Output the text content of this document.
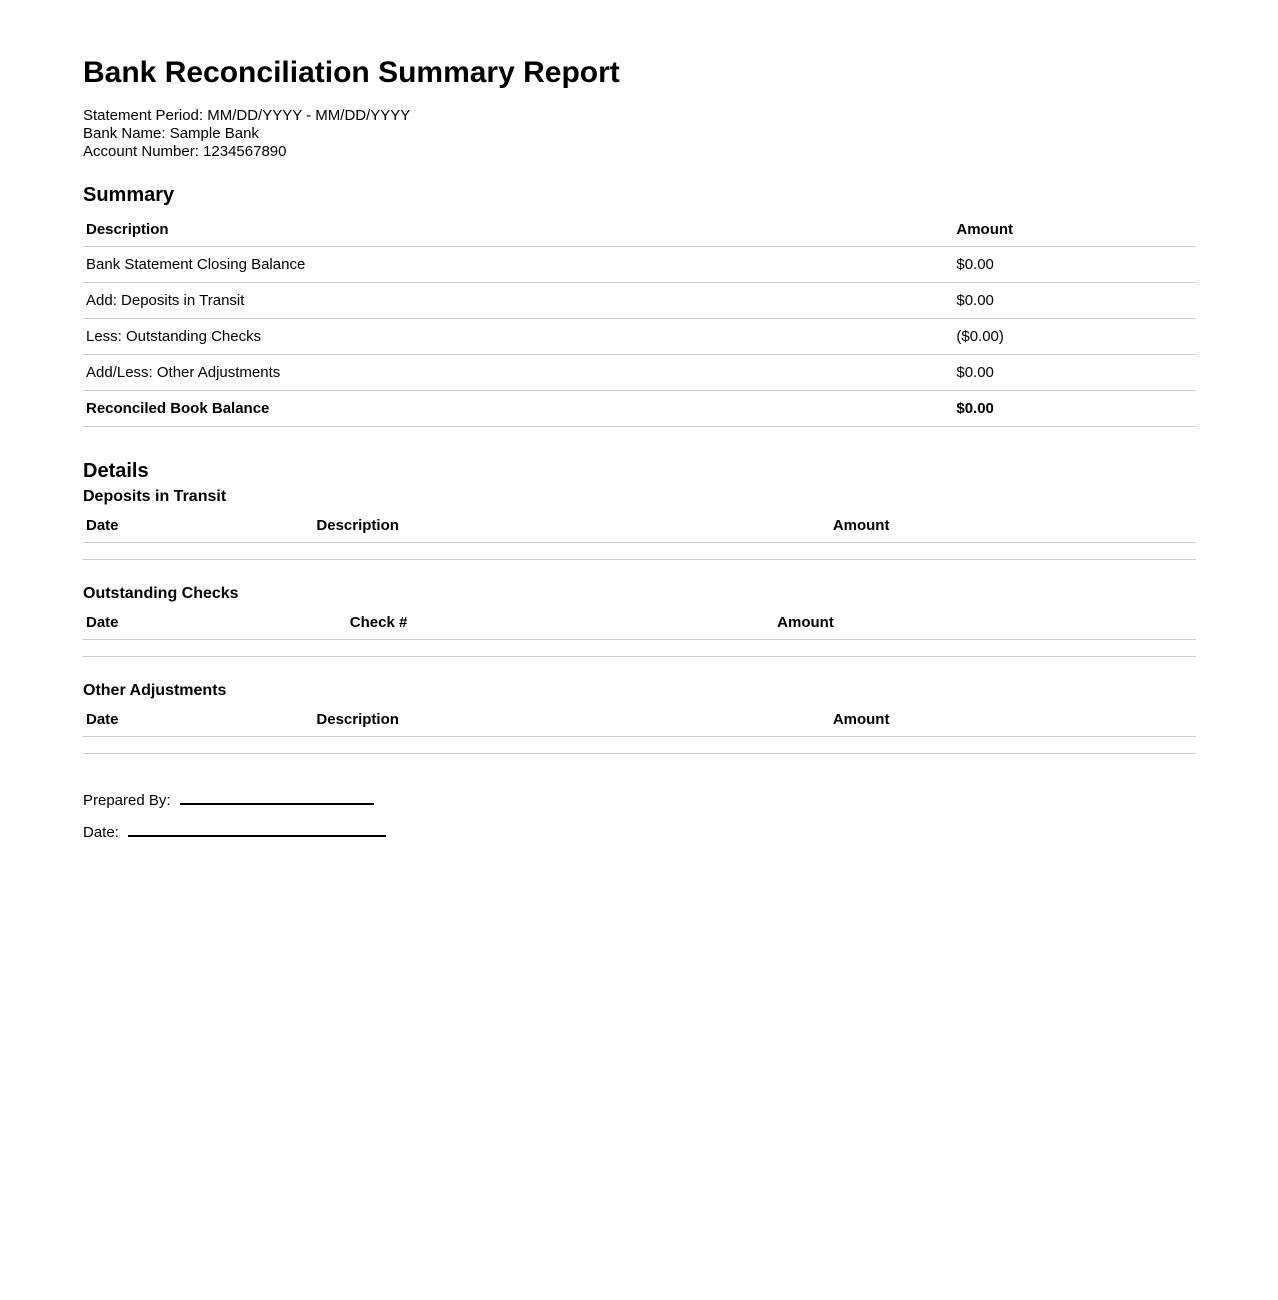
Bank Reconciliation Summary Report

Statement Period: MM/DD/YYYY - MM/DD/YYYY

Bank Name: Sample Bank

Account Number: 1234567890

Summary
Description	Amount
Bank Statement Closing Balance	$0.00
Add: Deposits in Transit	$0.00
Less: Outstanding Checks	($0.00)
Add/Less: Other Adjustments	$0.00
Reconciled Book Balance	$0.00
Details
Deposits in Transit
Date	Description	Amount

Outstanding Checks
Date	Check #	Amount

Other Adjustments
Date	Description	Amount

Prepared By:

Date:
